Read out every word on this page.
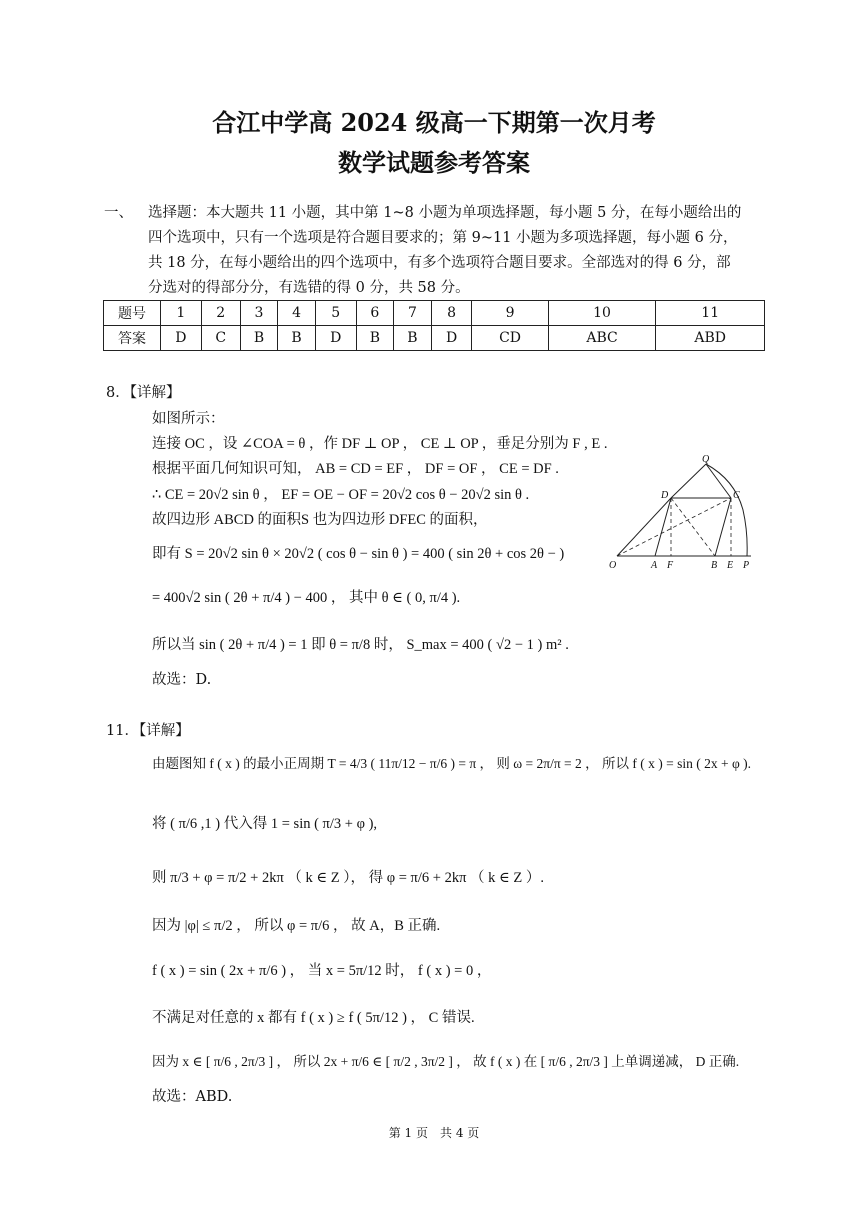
合江中学高 2024 级高一下期第一次月考
数学试题参考答案
一、	选择题：本大题共 11 小题，其中第 1~8 小题为单项选择题，每小题 5 分，在每小题给出的
四个选项中，只有一个选项是符合题目要求的；第 9~11 小题为多项选择题，每小题 6 分，
共 18 分，在每小题给出的四个选项中，有多个选项符合题目要求。全部选对的得 6 分，部
分选对的得部分分，有选错的得 0 分，共 58 分。
题号	1	2	3	4	5	6	7	8	9	10	11
答案	D	C	B	B	D	B	B	D	CD	ABC	ABD
8．【详解】
如图所示：
连接 OC ，设 ∠COA = θ ，作 DF ⊥ OP ， CE ⊥ OP ，垂足分别为 F , E .
根据平面几何知识可知， AB = CD = EF ， DF = OF ， CE = DF .
∴ CE = 20√2 sin θ ， EF = OE − OF = 20√2 cos θ − 20√2 sin θ .
故四边形 ABCD 的面积S 也为四边形 DFEC 的面积，
即有 S = 20√2 sin θ × 20√2 ( cos θ − sin θ ) = 400 ( sin 2θ + cos 2θ − )
= 400√2 sin ( 2θ + π/4 ) − 400 ， 其中 θ ∈ ( 0, π/4 ).
所以当 sin ( 2θ + π/4 ) = 1 即 θ = π/8 时， S_max = 400 ( √2 − 1 ) m² .
故选：D.
Q
D	C
O	A F	B E P
11．【详解】
由题图知 f ( x ) 的最小正周期 T = 4/3 ( 11π/12 − π/6 ) = π ， 则 ω = 2π/π = 2 ， 所以 f ( x ) = sin ( 2x + φ ).
将 ( π/6 ,1 ) 代入得 1 = sin ( π/3 + φ ),
则 π/3 + φ = π/2 + 2kπ （ k ∈ Z ）， 得 φ = π/6 + 2kπ （ k ∈ Z ）.
因为 |φ| ≤ π/2 ， 所以 φ = π/6 ， 故 A，B 正确.
f ( x ) = sin ( 2x + π/6 ) ， 当 x = 5π/12 时， f ( x ) = 0 ，
不满足对任意的 x 都有 f ( x ) ≥ f ( 5π/12 ) ， C 错误.
因为 x ∈ [ π/6 , 2π/3 ] ， 所以 2x + π/6 ∈ [ π/2 , 3π/2 ] ， 故 f ( x ) 在 [ π/6 , 2π/3 ] 上单调递减， D 正确.
故选：ABD.
第 1 页　共 4 页
